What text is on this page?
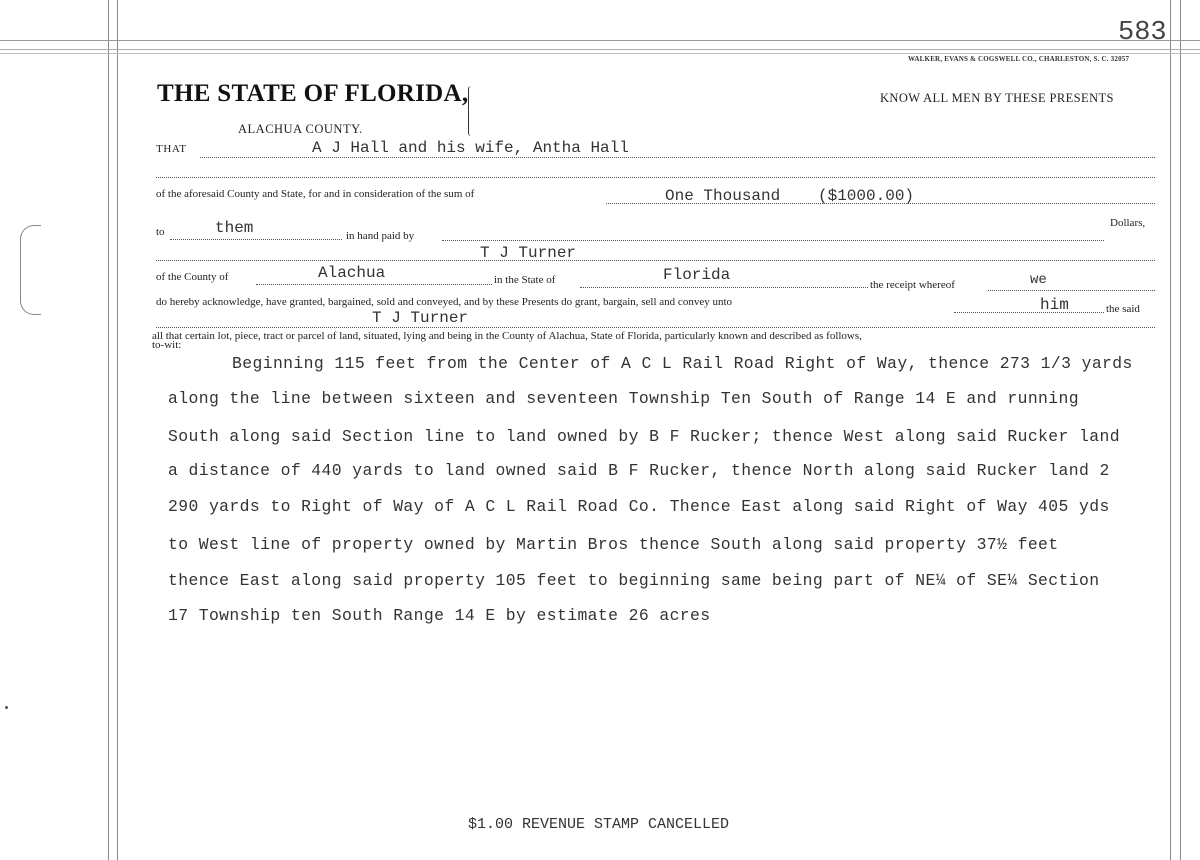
583
WALKER, EVANS & COGSWELL CO., CHARLESTON, S. C. 32057
THE STATE OF FLORIDA,
ALACHUA COUNTY.
KNOW ALL MEN BY THESE PRESENTS
THAT	A J Hall and his wife, Antha Hall
of the aforesaid County and State, for and in consideration of the sum of	One Thousand ($1000.00)
to	them	in hand paid by
Dollars,
T J Turner
of the County of	Alachua	in the State of	Florida
the receipt whereof	we
do hereby acknowledge, have granted, bargained, sold and conveyed, and by these Presents do grant, bargain, sell and convey unto	him	the said
T J Turner
all that certain lot, piece, tract or parcel of land, situated, lying and being in the County of Alachua, State of Florida, particularly known and described as follows,
to-wit:
Beginning 115 feet from the Center of A C L Rail Road Right of Way, thence 273 1/3 yards
along the line between sixteen and seventeen Township Ten South of Range 14 E and running
South along said Section line to land owned by B F Rucker; thence West along said Rucker land
a distance of 440 yards to land owned said B F Rucker, thence North along said Rucker land 2
290 yards to Right of Way of A C L Rail Road Co. Thence East along said Right of Way 405 yds
to West line of property owned by Martin Bros thence South along said property 37½ feet
thence East along said property 105 feet to beginning same being part of NE¼ of SE¼ Section
17 Township ten South Range 14 E by estimate 26 acres
$1.00 REVENUE STAMP CANCELLED
